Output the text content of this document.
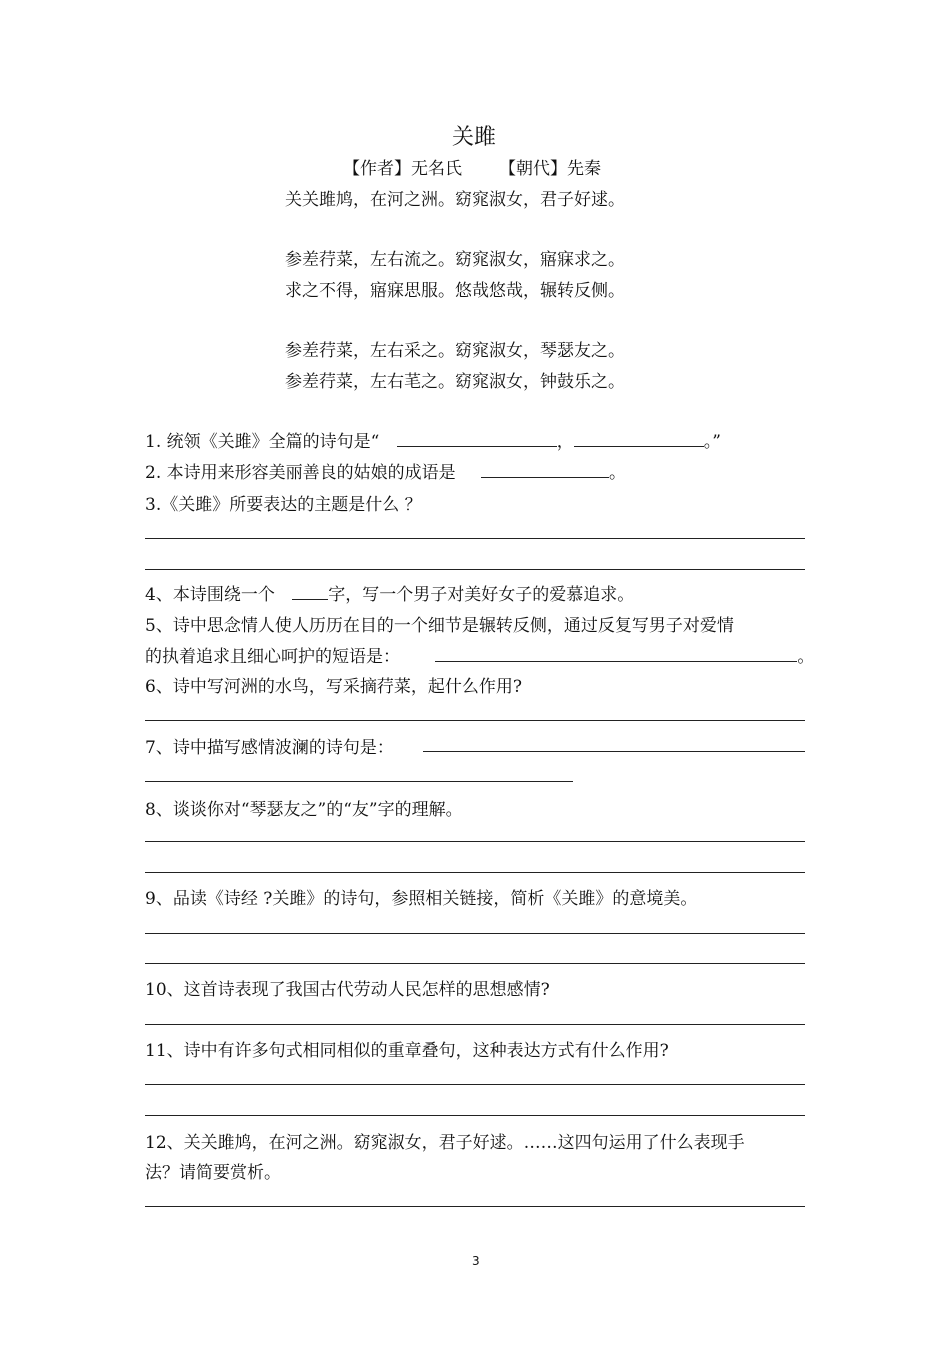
关雎
【作者】无名氏 【朝代】先秦
关关雎鸠，在河之洲。窈窕淑女，君子好逑。
参差荇菜，左右流之。窈窕淑女，寤寐求之。
求之不得，寤寐思服。悠哉悠哉，辗转反侧。
参差荇菜，左右采之。窈窕淑女，琴瑟友之。
参差荇菜，左右芼之。窈窕淑女，钟鼓乐之。
1. 统领《关雎》全篇的诗句是“	，	。”
2. 本诗用来形容美丽善良的姑娘的成语是	。
3.《关雎》所要表达的主题是什么 ？
4、本诗围绕一个	字，写一个男子对美好女子的爱慕追求。
5、诗中思念情人使人历历在目的一个细节是辗转反侧，通过反复写男子对爱情
的执着追求且细心呵护的短语是：	。
6、诗中写河洲的水鸟，写采摘荇菜，起什么作用?
7、诗中描写感情波澜的诗句是：
8、谈谈你对“琴瑟友之”的“友”字的理解。
9、品读《诗经 ?关雎》的诗句，参照相关链接，简析《关雎》的意境美。
10、这首诗表现了我国古代劳动人民怎样的思想感情?
11、诗中有许多句式相同相似的重章叠句，这种表达方式有什么作用?
12、关关雎鸠，在河之洲。窈窕淑女，君子好逑。……这四句运用了什么表现手
法？请简要赏析。
3
